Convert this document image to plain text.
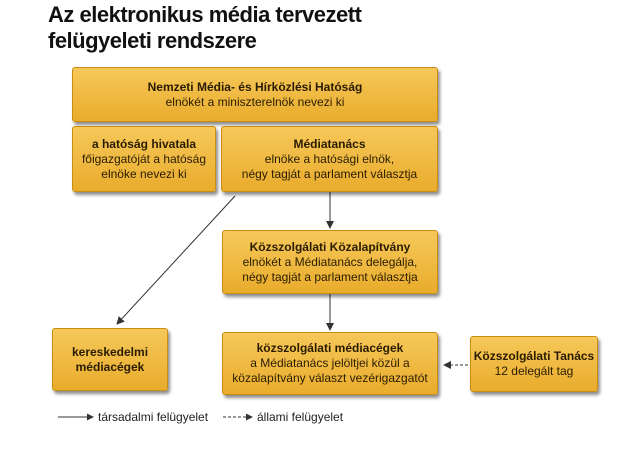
Az elektronikus média tervezett felügyeleti rendszere
Nemzeti Média- és Hírközlési Hatóság
elnökét a miniszterelnök nevezi ki
a hatóság hivatala
főigazgatóját a hatóság
elnöke nevezi ki
Médiatanács
elnöke a hatósági elnök,
négy tagját a parlament választja
Közszolgálati Közalapítvány
elnökét a Médiatanács delegálja,
négy tagját a parlament választja
kereskedelmi
médiacégek
közszolgálati médiacégek
a Médiatanács jelöltjei közül a
közalapítvány választ vezérigazgatót
Közszolgálati Tanács
12 delegált tag
társadalmi felügyelet	állami felügyelet
